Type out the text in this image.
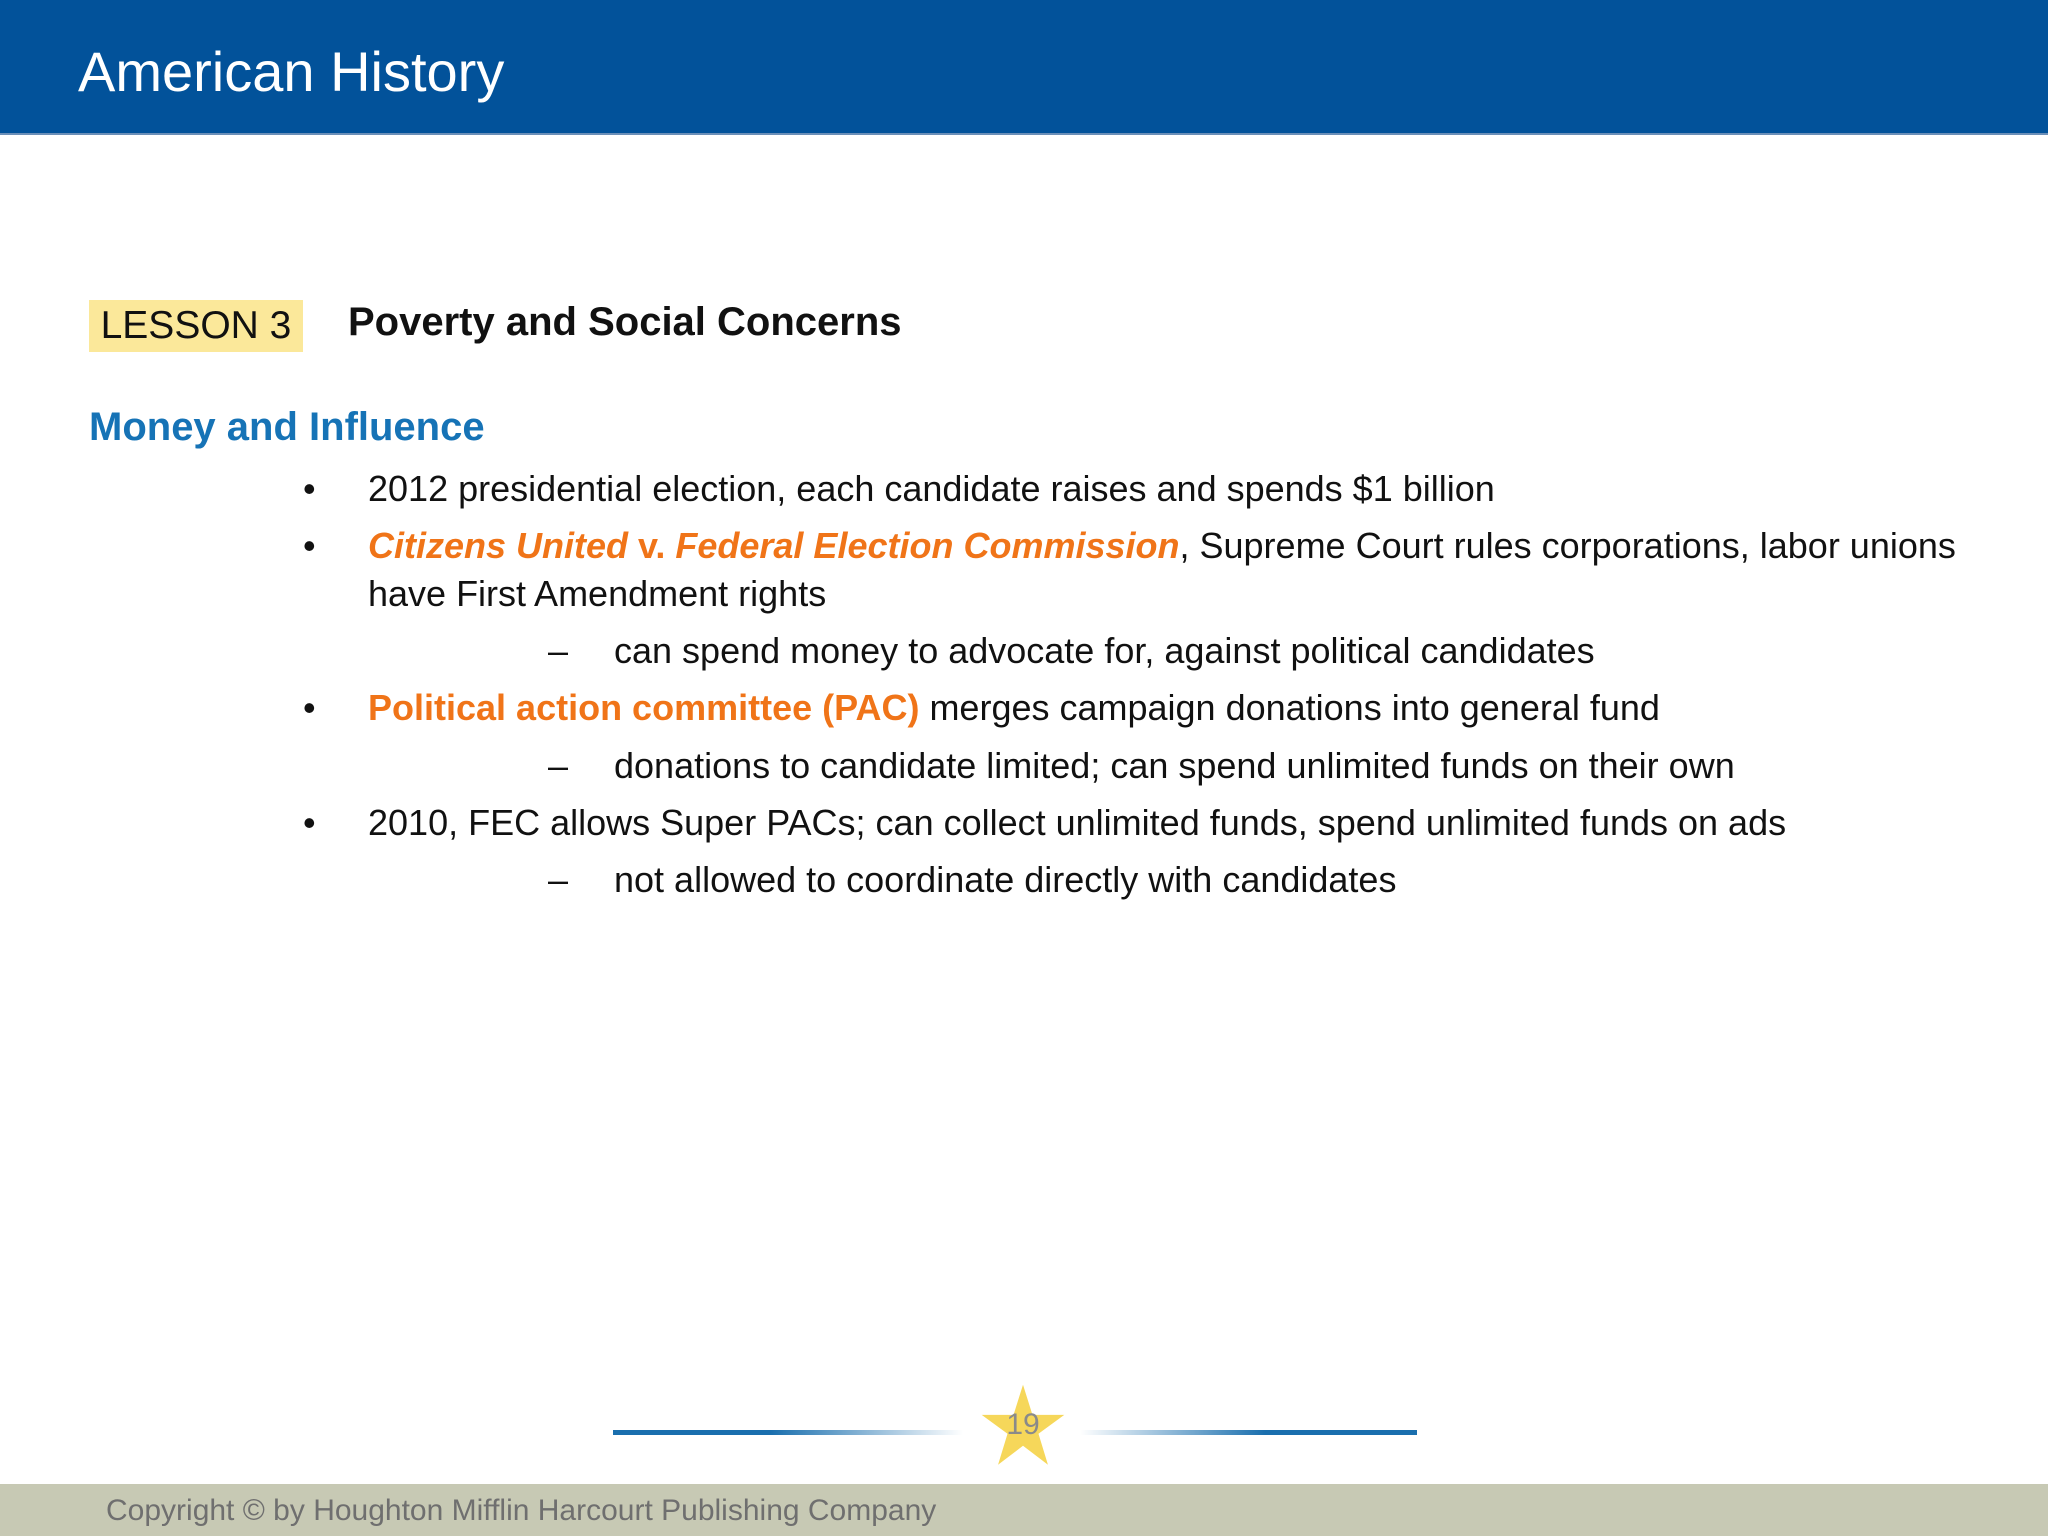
American History
LESSON 3 Poverty and Social Concerns
Money and Influence
• 2012 presidential election, each candidate raises and spends $1 billion
• Citizens United v. Federal Election Commission, Supreme Court rules corporations, labor unions
have First Amendment rights
– can spend money to advocate for, against political candidates
• Political action committee (PAC) merges campaign donations into general fund
– donations to candidate limited; can spend unlimited funds on their own
• 2010, FEC allows Super PACs; can collect unlimited funds, spend unlimited funds on ads
– not allowed to coordinate directly with candidates
19
Copyright © by Houghton Mifflin Harcourt Publishing Company
